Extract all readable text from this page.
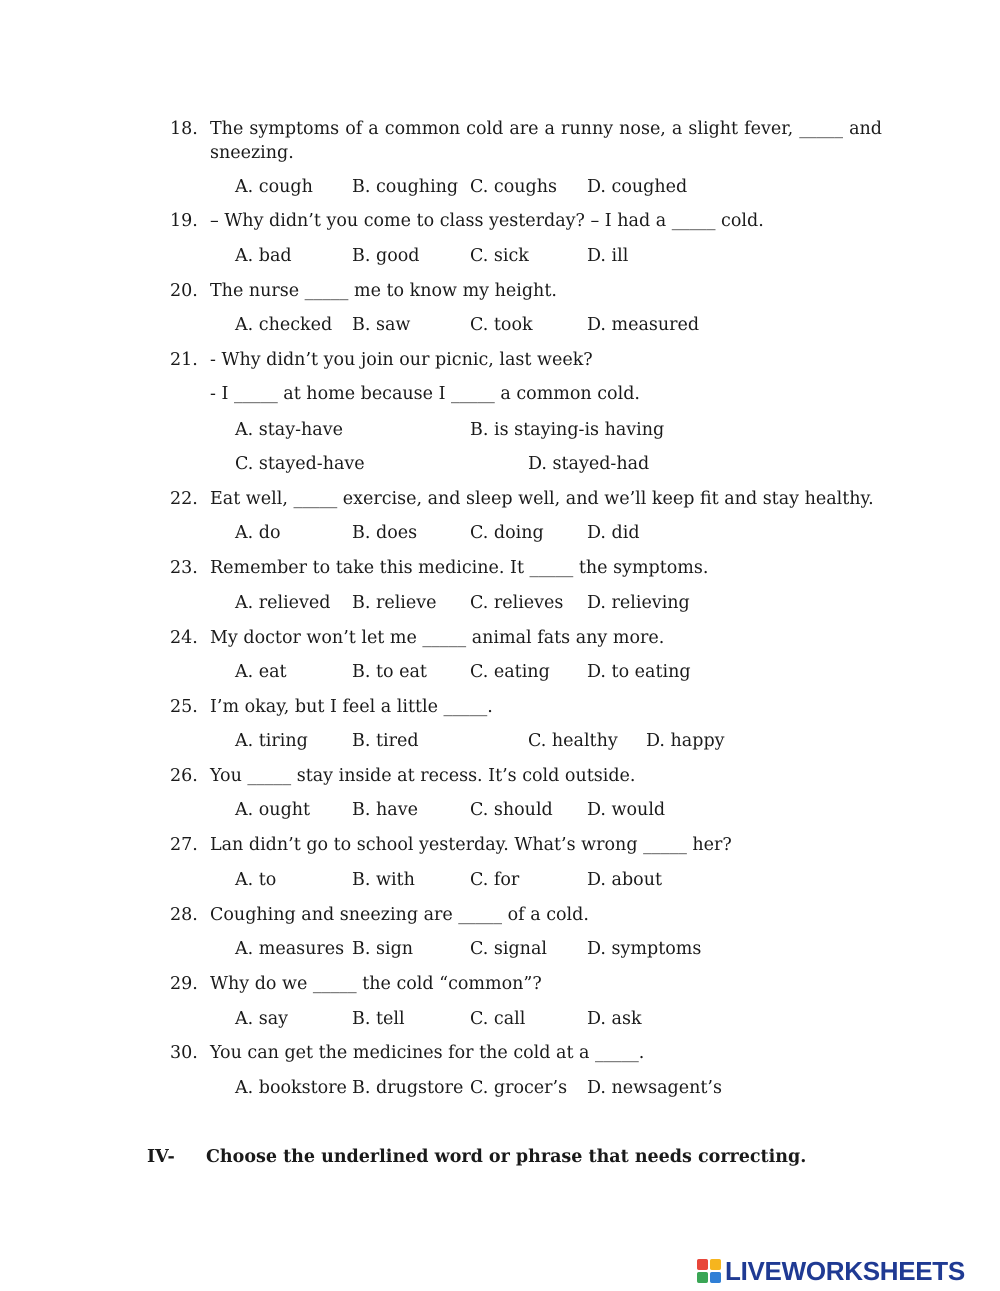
18. The symptoms of a common cold are a runny nose, a slight fever, _____ and sneezing.
A. cough B. coughing C. coughs D. coughed
19. – Why didn’t you come to class yesterday? – I had a _____ cold.
A. bad	B. good	C. sick	D. ill
20. The nurse _____ me to know my height.
A. checked B. saw	C. took	D. measured
21. - Why didn’t you join our picnic, last week?
- I _____ at home because I _____ a common cold.
A. stay-have	B. is staying-is having
C. stayed-have	D. stayed-had
22. Eat well, _____ exercise, and sleep well, and we’ll keep fit and stay healthy.
A. do	B. does	C. doing D. did
23. Remember to take this medicine. It _____ the symptoms.
A. relieved B. relieve C. relieves D. relieving
24. My doctor won’t let me _____ animal fats any more.
A. eat	B. to eat C. eating D. to eating
25. I’m okay, but I feel a little _____.
A. tiring	B. tired	C. healthy D. happy
26. You _____ stay inside at recess. It’s cold outside.
A. ought B. have	C. should D. would
27. Lan didn’t go to school yesterday. What’s wrong _____ her?
A. to	B. with	C. for	D. about
28. Coughing and sneezing are _____ of a cold.
A. measures B. sign	C. signal D. symptoms
29. Why do we _____ the cold “common”?
A. say	B. tell	C. call	D. ask
30. You can get the medicines for the cold at a _____.
A. bookstore B. drugstore C. grocer’s D. newsagent’s
IV- Choose the underlined word or phrase that needs correcting.
LIVEWORKSHEETS
